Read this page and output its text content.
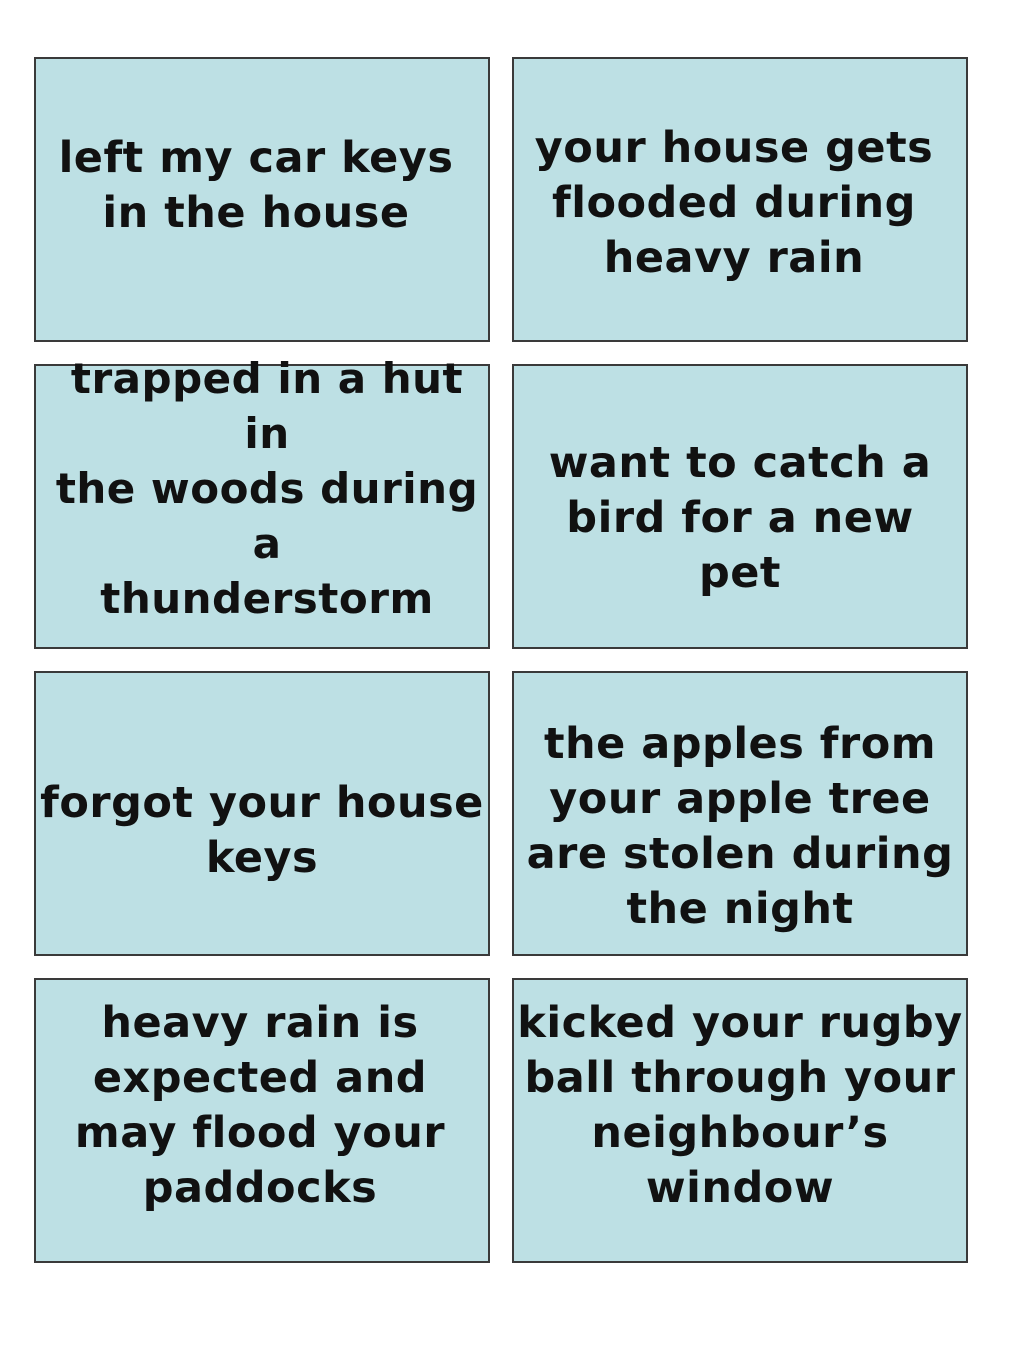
left my car keys
in the house
your house gets
flooded during
heavy rain
trapped in a hut in
the woods during a
thunderstorm
want to catch a
bird for a new
pet
forgot your house
keys
the apples from
your apple tree
are stolen during
the night
heavy rain is
expected and
may flood your
paddocks
kicked your rugby
ball through your
neighbour’s
window
